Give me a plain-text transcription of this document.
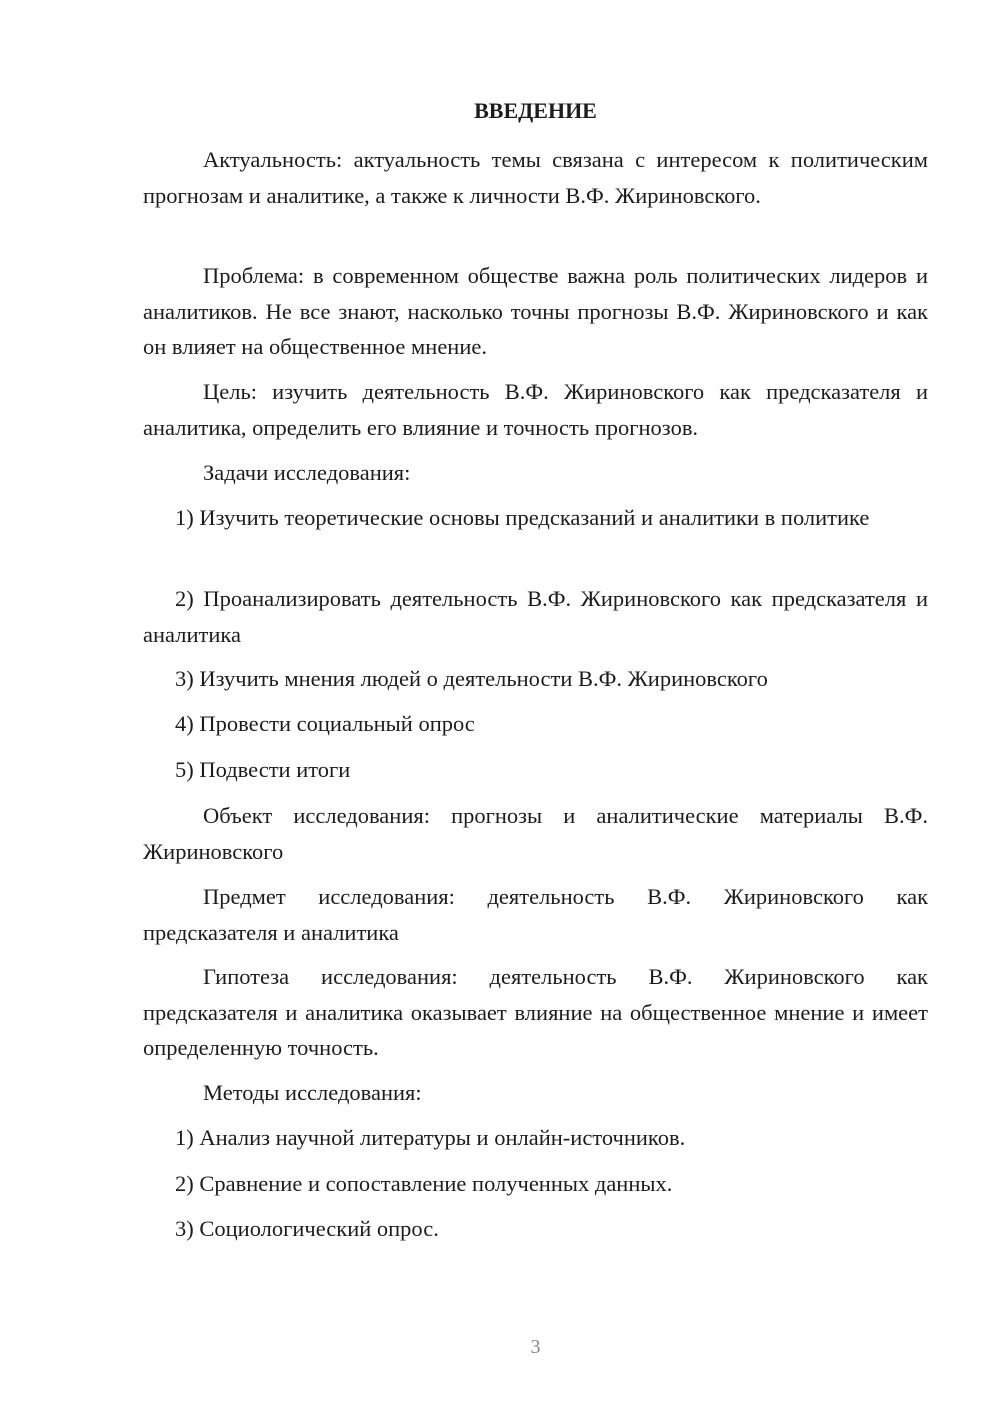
ВВЕДЕНИЕ

Актуальность: актуальность темы связана с интересом к политическим прогнозам и аналитике, а также к личности В.Ф. Жириновского.

Проблема: в современном обществе важна роль политических лидеров и аналитиков. Не все знают, насколько точны прогнозы В.Ф. Жириновского и как он влияет на общественное мнение.

Цель: изучить деятельность В.Ф. Жириновского как предсказателя и аналитика, определить его влияние и точность прогнозов.

Задачи исследования:

1) Изучить теоретические основы предсказаний и аналитики в политике

2) Проанализировать деятельность В.Ф. Жириновского как предсказателя и аналитика

3) Изучить мнения людей о деятельности В.Ф. Жириновского

4) Провести социальный опрос

5) Подвести итоги

Объект исследования: прогнозы и аналитические материалы В.Ф. Жириновского

Предмет исследования: деятельность В.Ф. Жириновского как предсказателя и аналитика

Гипотеза исследования: деятельность В.Ф. Жириновского как предсказателя и аналитика оказывает влияние на общественное мнение и имеет определенную точность.

Методы исследования:

1) Анализ научной литературы и онлайн-источников.

2) Сравнение и сопоставление полученных данных.

3) Социологический опрос.

3
